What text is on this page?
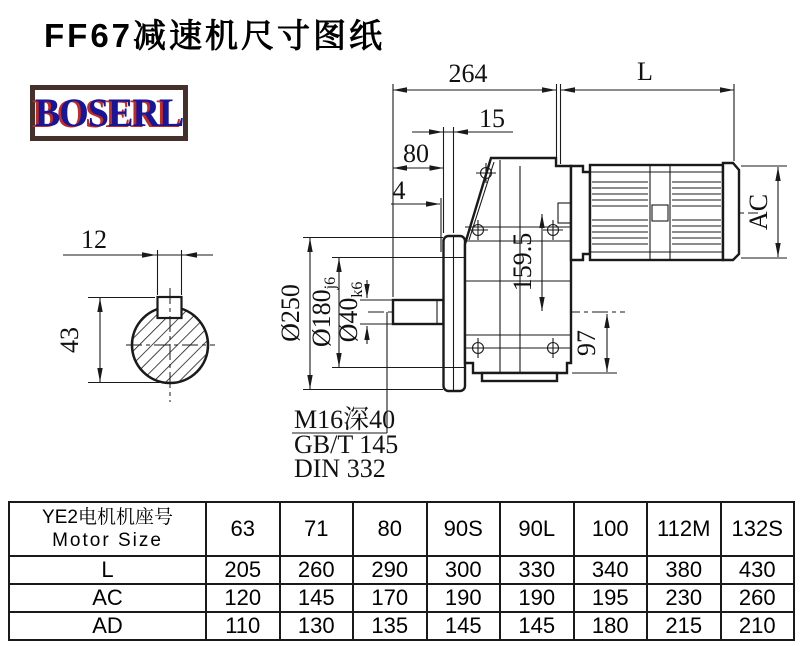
FF67减速机尺寸图纸
BOSERL
12
43
264	L
15
80
4
Ø250 Ø180j6
Ø40k6	159.5
97
AC
M16深40
GB/T 145
DIN 332
YE2电机机座号
Motor Size	63	71	80	90S	90L	100	112M	132S
L	205	260	290	300	330	340	380	430
AC	120	145	170	190	190	195	230	260
AD	110	130	135	145	145	180	215	210
